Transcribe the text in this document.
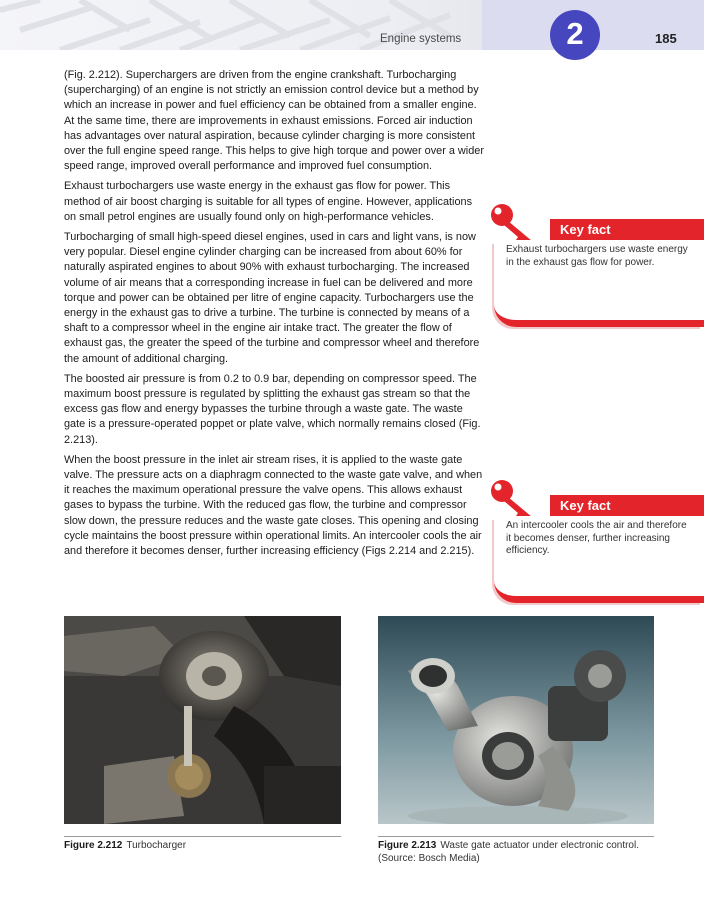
Engine systems	2	185

(Fig. 2.212). Superchargers are driven from the engine crankshaft. Turbocharging (supercharging) of an engine is not strictly an emission control device but a method by which an increase in power and fuel efficiency can be obtained from a smaller engine. At the same time, there are improvements in exhaust emissions. Forced air induction has advantages over natural aspiration, because cylinder charging is more consistent over the full engine speed range. This helps to give high torque and power over a wider speed range, improved overall performance and improved fuel consumption.

Exhaust turbochargers use waste energy in the exhaust gas flow for power. This method of air boost charging is suitable for all types of engine. However, applications on small petrol engines are usually found only on high-performance vehicles.

Turbocharging of small high-speed diesel engines, used in cars and light vans, is now very popular. Diesel engine cylinder charging can be increased from about 60% for naturally aspirated engines to about 90% with exhaust turbocharging. The increased volume of air means that a corresponding increase in fuel can be delivered and more torque and power can be obtained per litre of engine capacity. Turbochargers use the energy in the exhaust gas to drive a turbine. The turbine is connected by means of a shaft to a compressor wheel in the engine air intake tract. The greater the flow of exhaust gas, the greater the speed of the turbine and compressor wheel and therefore the amount of additional charging.

The boosted air pressure is from 0.2 to 0.9 bar, depending on compressor speed. The maximum boost pressure is regulated by splitting the exhaust gas stream so that the excess gas flow and energy bypasses the turbine through a waste gate. The waste gate is a pressure-operated poppet or plate valve, which normally remains closed (Fig. 2.213).

When the boost pressure in the inlet air stream rises, it is applied to the waste gate valve. The pressure acts on a diaphragm connected to the waste gate valve, and when it reaches the maximum operational pressure the valve opens. This allows exhaust gases to bypass the turbine. With the reduced gas flow, the turbine and compressor slow down, the pressure reduces and the waste gate closes. This opening and closing cycle maintains the boost pressure within operational limits. An intercooler cools the air and therefore it becomes denser, further increasing efficiency (Figs 2.214 and 2.215).

Key fact
Exhaust turbochargers use waste energy in the exhaust gas flow for power.
Key fact
An intercooler cools the air and therefore it becomes denser, further increasing efficiency.
Figure 2.212 Turbocharger	Figure 2.213 Waste gate actuator under electronic control. (Source: Bosch Media)
